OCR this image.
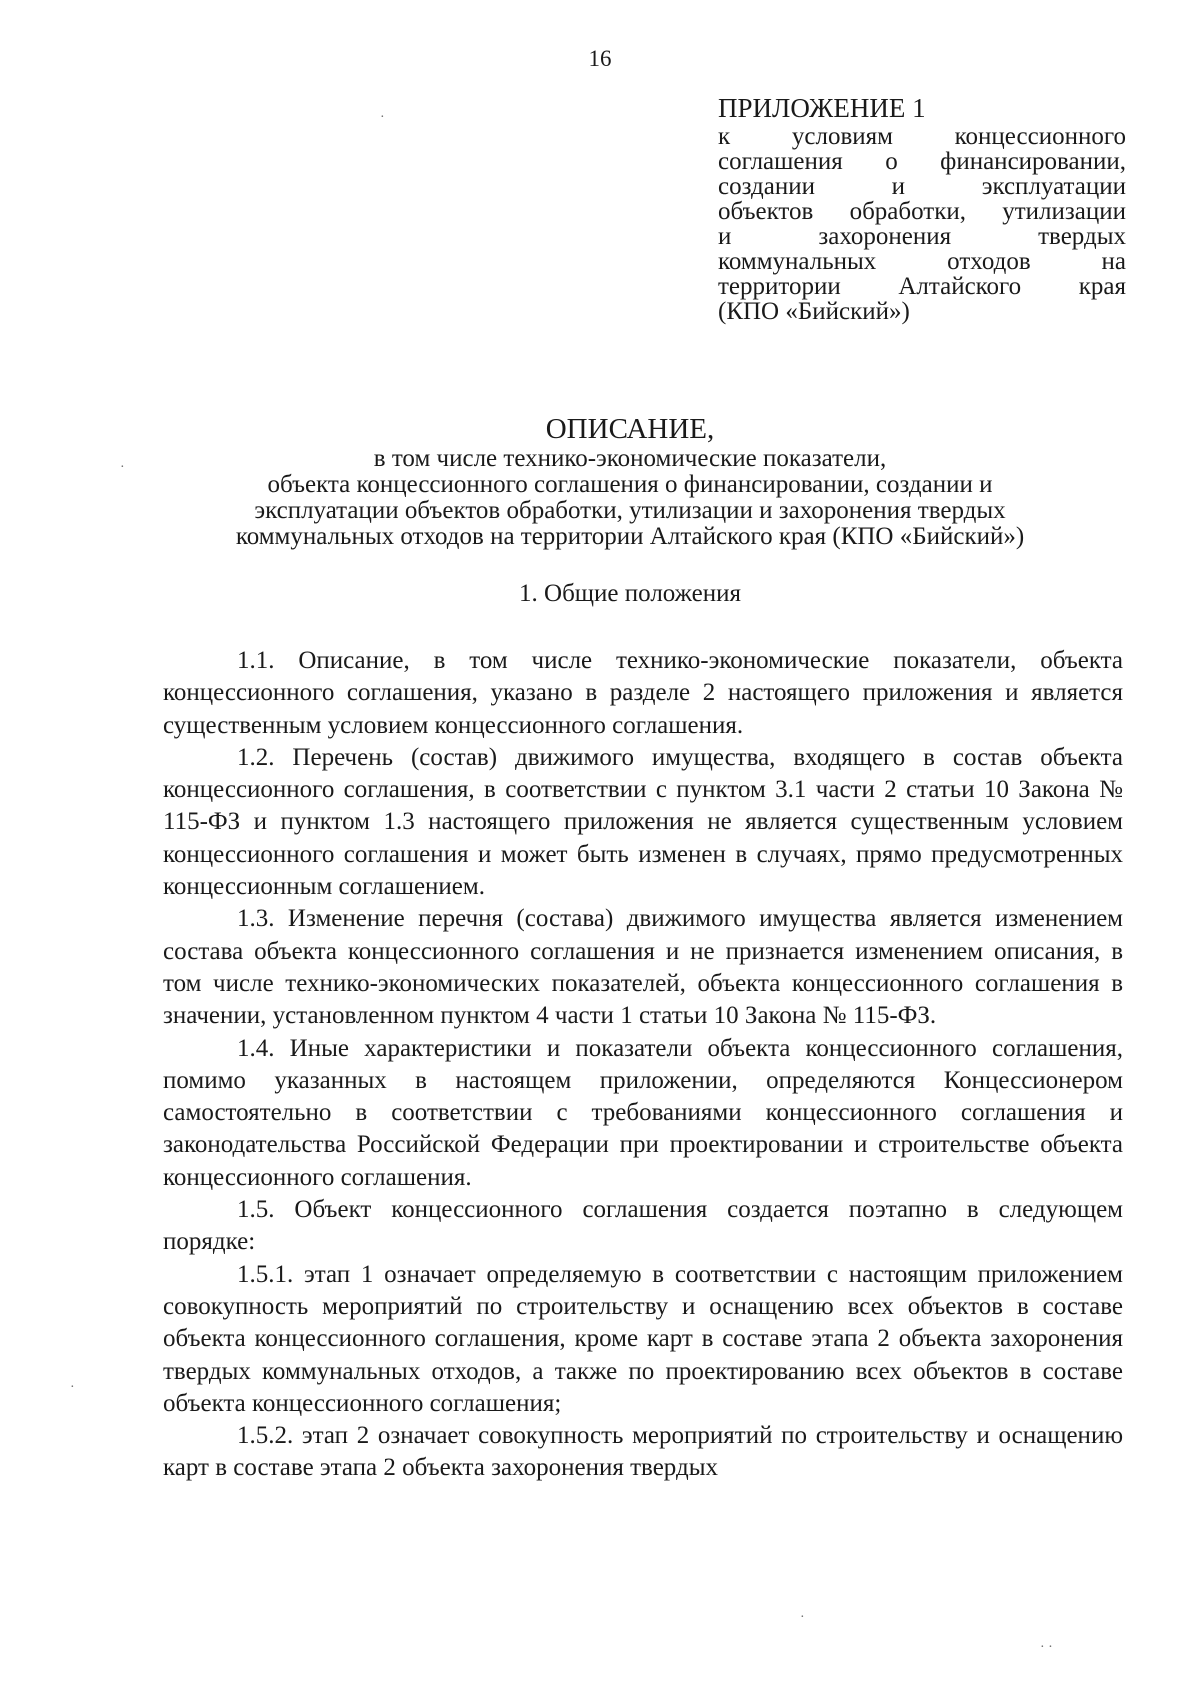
16
ПРИЛОЖЕНИЕ 1
к условиям концессионного
соглашения о финансировании,
создании и эксплуатации
объектов обработки, утилизации
и захоронения твердых
коммунальных отходов на
территории Алтайского края
(КПО «Бийский»)
ОПИСАНИЕ,
в том числе технико-экономические показатели,
объекта концессионного соглашения о финансировании, создании и
эксплуатации объектов обработки, утилизации и захоронения твердых
коммунальных отходов на территории Алтайского края (КПО «Бийский»)
1. Общие положения

1.1. Описание, в том числе технико-экономические показатели, объекта концессионного соглашения, указано в разделе 2 настоящего приложения и является существенным условием концессионного соглашения.

1.2. Перечень (состав) движимого имущества, входящего в состав объекта концессионного соглашения, в соответствии с пунктом 3.1 части 2 статьи 10 Закона № 115-ФЗ и пунктом 1.3 настоящего приложения не является существенным условием концессионного соглашения и может быть изменен в случаях, прямо предусмотренных концессионным соглашением.

1.3. Изменение перечня (состава) движимого имущества является изменением состава объекта концессионного соглашения и не признается изменением описания, в том числе технико-экономических показателей, объекта концессионного соглашения в значении, установленном пунктом 4 части 1 статьи 10 Закона № 115-ФЗ.

1.4. Иные характеристики и показатели объекта концессионного соглашения, помимо указанных в настоящем приложении, определяются Концессионером самостоятельно в соответствии с требованиями концессионного соглашения и законодательства Российской Федерации при проектировании и строительстве объекта концессионного соглашения.

1.5. Объект концессионного соглашения создается поэтапно в следующем порядке:

1.5.1. этап 1 означает определяемую в соответствии с настоящим приложением совокупность мероприятий по строительству и оснащению всех объектов в составе объекта концессионного соглашения, кроме карт в составе этапа 2 объекта захоронения твердых коммунальных отходов, а также по проектированию всех объектов в составе объекта концессионного соглашения;

1.5.2. этап 2 означает совокупность мероприятий по строительству и оснащению карт в составе этапа 2 объекта захоронения твердых

·
·
·
·
· ·
